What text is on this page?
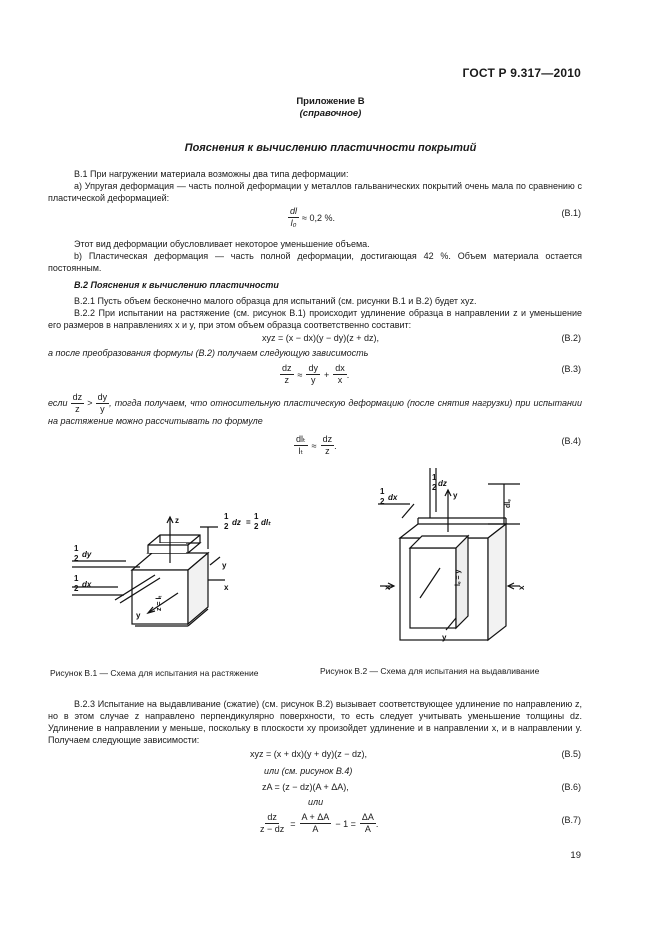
ГОСТ Р 9.317—2010
Приложение В
(справочное)
Пояснения к вычислению пластичности покрытий
В.1 При нагружении материала возможны два типа деформации:
a) Упругая деформация — часть полной деформации у металлов гальванических покрытий очень мала по сравнению с пластической деформацией:
$\frac{dl}{\text{l₀}} \approx 0,2$ %.	(В.1)
Этот вид деформации обусловливает некоторое уменьшение объема.
b) Пластическая деформация — часть полной деформации, достигающая 42 %. Объем материала остается постоянным.
В.2 Пояснения к вычислению пластичности
В.2.1 Пусть объем бесконечно малого образца для испытаний (см. рисунки В.1 и В.2) будет xyz.
В.2.2 При испытании на растяжение (см. рисунок В.1) происходит удлинение образца в направлении z и уменьшение его размеров в направлениях x и y, при этом объем образца соответственно составит:
xyz = (x − dx)(y − dy)(z + dz),	(В.2)
а после преобразования формулы (В.2) получаем следующую зависимость
$\frac{dz}{z} \approx \frac{dy}{y} + \frac{dx}{x}$ .
(В.3)
если $\frac{dz}{z} > \frac{dy}{y}$ , тогда получаем, что относительную пластическую деформацию (после снятия нагрузки) при испытании на растяжение можно рассчитывать по формуле
$\frac{\text{dlₜ}}{\text{lₜ}} \approx \frac{dz}{z}$ .	(В.4)
z
y
x
y
1
2 dz =
1
2 dlₜ
1
2 dy
1
2 dx
z = lₜ
Рисунок В.1 — Схема для испытания на растяжение
1
2 dx
1
2 dz
y
x	x
dlₑ
lₑ = y
y
Рисунок В.2 — Схема для испытания на выдавливание
В.2.3 Испытание на выдавливание (сжатие) (см. рисунок В.2) вызывает соответствующее удлинение по направлению z, но в этом случае z направлено перпендикулярно поверхности, то есть следует учитывать уменьшение толщины dz. Удлинение в направлении y меньше, поскольку в плоскости xy произойдет удлинение и в направлении x, и в направлении y. Получаем следующие зависимости:
xyz = (x + dx)(y + dy)(z − dz),	(В.5)
или (см. рисунок В.4)
zA = (z − dz)(A + ΔA),	(В.6)
или
$\frac{dz}{z - dz} = \frac{A + \Delta A}{A} - 1 = \frac{\Delta A}{A}$ .	(В.7)
19
